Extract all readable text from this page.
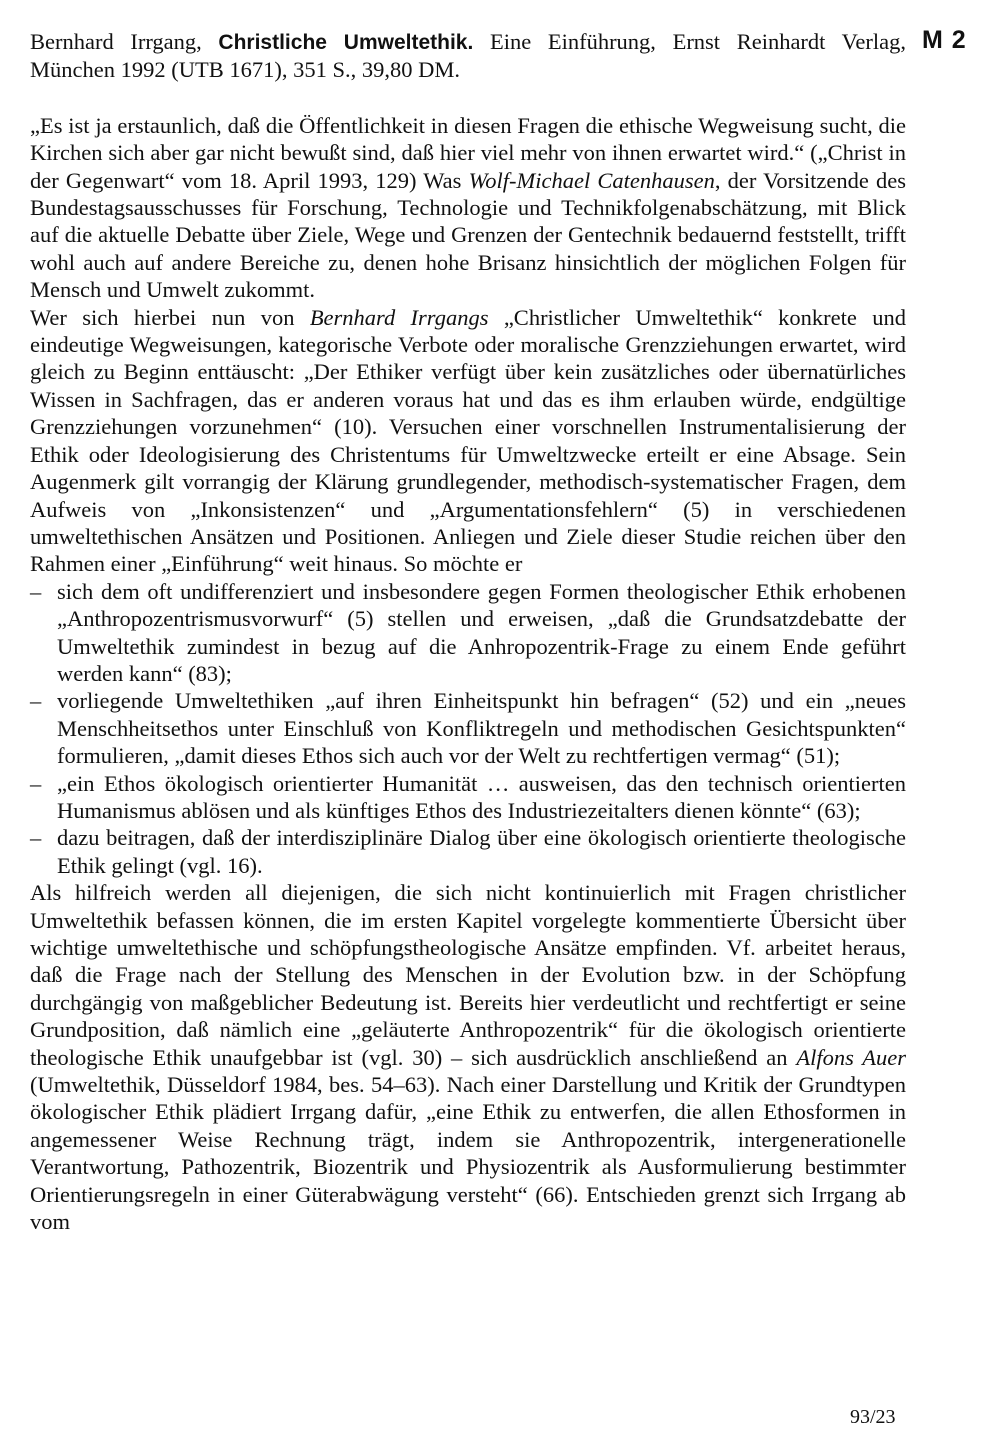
M 2
Bernhard Irrgang, Christliche Umweltethik. Eine Einführung, Ernst Reinhardt Verlag, München 1992 (UTB 1671), 351 S., 39,80 DM.

„Es ist ja erstaunlich, daß die Öffentlichkeit in diesen Fragen die ethische Wegweisung sucht, die Kirchen sich aber gar nicht bewußt sind, daß hier viel mehr von ihnen erwartet wird.“ („Christ in der Gegenwart“ vom 18. April 1993, 129) Was Wolf-Michael Catenhausen, der Vorsitzende des Bundestagsausschusses für Forschung, Technologie und Technikfolgenabschätzung, mit Blick auf die aktuelle Debatte über Ziele, Wege und Grenzen der Gentechnik bedauernd feststellt, trifft wohl auch auf andere Bereiche zu, denen hohe Brisanz hinsichtlich der möglichen Folgen für Mensch und Umwelt zukommt.

Wer sich hierbei nun von Bernhard Irrgangs „Christlicher Umweltethik“ konkrete und eindeutige Wegweisungen, kategorische Verbote oder moralische Grenzziehungen erwartet, wird gleich zu Beginn enttäuscht: „Der Ethiker verfügt über kein zusätzliches oder übernatürliches Wissen in Sachfragen, das er anderen voraus hat und das es ihm erlauben würde, endgültige Grenzziehungen vorzunehmen“ (10). Versuchen einer vorschnellen Instrumentalisierung der Ethik oder Ideologisierung des Christentums für Umweltzwecke erteilt er eine Absage. Sein Augenmerk gilt vorrangig der Klärung grundlegender, methodisch-systematischer Fragen, dem Aufweis von „Inkonsistenzen“ und „Argumentationsfehlern“ (5) in verschiedenen umweltethischen Ansätzen und Positionen. Anliegen und Ziele dieser Studie reichen über den Rahmen einer „Einführung“ weit hinaus. So möchte er

– sich dem oft undifferenziert und insbesondere gegen Formen theologischer Ethik erhobenen „Anthropozentrismusvorwurf“ (5) stellen und erweisen, „daß die Grundsatzdebatte der Umweltethik zumindest in bezug auf die Anhropozentrik-Frage zu einem Ende geführt werden kann“ (83);
– vorliegende Umweltethiken „auf ihren Einheitspunkt hin befragen“ (52) und ein „neues Menschheitsethos unter Einschluß von Konfliktregeln und methodischen Gesichtspunkten“ formulieren, „damit dieses Ethos sich auch vor der Welt zu rechtfertigen vermag“ (51);
– „ein Ethos ökologisch orientierter Humanität … ausweisen, das den technisch orientierten Humanismus ablösen und als künftiges Ethos des Industriezeitalters dienen könnte“ (63);
– dazu beitragen, daß der interdisziplinäre Dialog über eine ökologisch orientierte theologische Ethik gelingt (vgl. 16).

Als hilfreich werden all diejenigen, die sich nicht kontinuierlich mit Fragen christlicher Umweltethik befassen können, die im ersten Kapitel vorgelegte kommentierte Übersicht über wichtige umweltethische und schöpfungstheologische Ansätze empfinden. Vf. arbeitet heraus, daß die Frage nach der Stellung des Menschen in der Evolution bzw. in der Schöpfung durchgängig von maßgeblicher Bedeutung ist. Bereits hier verdeutlicht und rechtfertigt er seine Grundposition, daß nämlich eine „geläuterte Anthropozentrik“ für die ökologisch orientierte theologische Ethik unaufgebbar ist (vgl. 30) – sich ausdrücklich anschließend an Alfons Auer (Umweltethik, Düsseldorf 1984, bes. 54–63). Nach einer Darstellung und Kritik der Grundtypen ökologischer Ethik plädiert Irrgang dafür, „eine Ethik zu entwerfen, die allen Ethosformen in angemessener Weise Rechnung trägt, indem sie Anthropozentrik, intergenerationelle Verantwortung, Pathozentrik, Biozentrik und Physiozentrik als Ausformulierung bestimmter Orientierungsregeln in einer Güterabwägung versteht“ (66). Entschieden grenzt sich Irrgang ab vom

93/23
